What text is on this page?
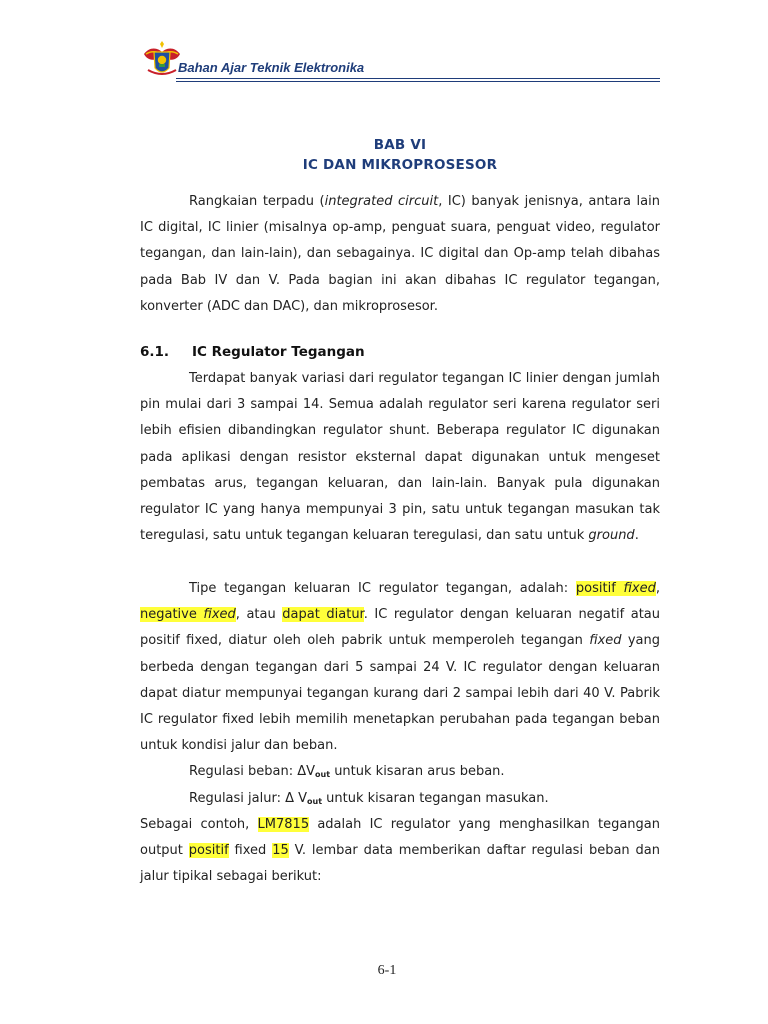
Bahan Ajar Teknik Elektronika
BAB VI
IC DAN MIKROPROSESOR
Rangkaian terpadu (integrated circuit, IC) banyak jenisnya, antara lain IC digital, IC linier (misalnya op-amp, penguat suara, penguat video, regulator tegangan, dan lain-lain), dan sebagainya. IC digital dan Op-amp telah dibahas pada Bab IV dan V. Pada bagian ini akan dibahas IC regulator tegangan, konverter (ADC dan DAC), dan mikroprosesor.
6.1. IC Regulator Tegangan
Terdapat banyak variasi dari regulator tegangan IC linier dengan jumlah pin mulai dari 3 sampai 14. Semua adalah regulator seri karena regulator seri lebih efisien dibandingkan regulator shunt. Beberapa regulator IC digunakan pada aplikasi dengan resistor eksternal dapat digunakan untuk mengeset pembatas arus, tegangan keluaran, dan lain-lain. Banyak pula digunakan regulator IC yang hanya mempunyai 3 pin, satu untuk tegangan masukan tak teregulasi, satu untuk tegangan keluaran teregulasi, dan satu untuk ground.
Tipe tegangan keluaran IC regulator tegangan, adalah: positif fixed, negative fixed, atau dapat diatur. IC regulator dengan keluaran negatif atau positif fixed, diatur oleh oleh pabrik untuk memperoleh tegangan fixed yang berbeda dengan tegangan dari 5 sampai 24 V. IC regulator dengan keluaran dapat diatur mempunyai tegangan kurang dari 2 sampai lebih dari 40 V. Pabrik IC regulator fixed lebih memilih menetapkan perubahan pada tegangan beban untuk kondisi jalur dan beban.
Regulasi beban: $\Delta V_{out}$ untuk kisaran arus beban.
Regulasi jalur: Δ $V_{out}$ untuk kisaran tegangan masukan.
Sebagai contoh, LM7815 adalah IC regulator yang menghasilkan tegangan output positif fixed 15 V. lembar data memberikan daftar regulasi beban dan jalur tipikal sebagai berikut:
6-1
